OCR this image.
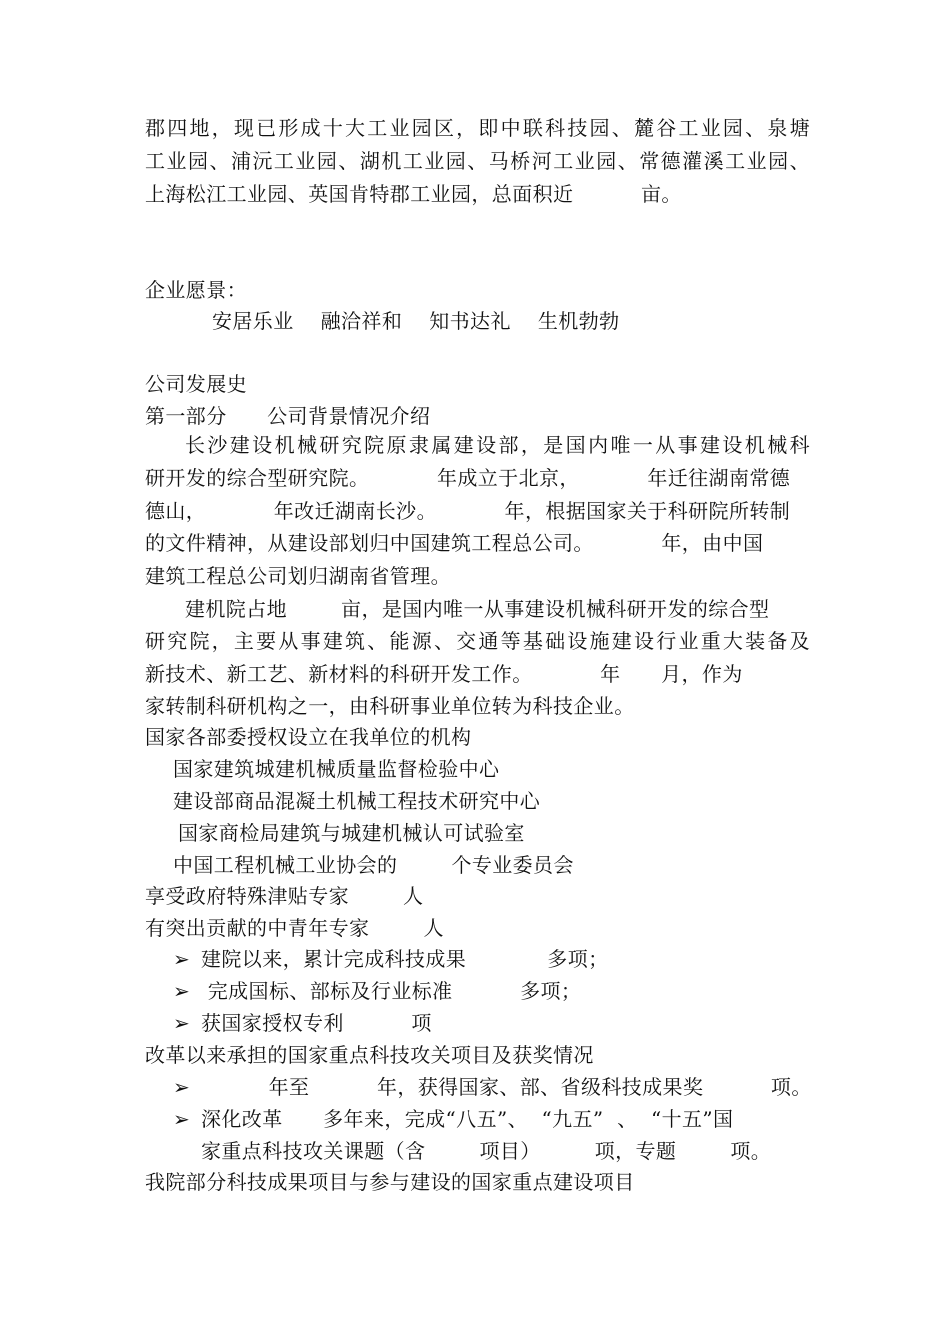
郡四地，现已形成十大工业园区，即中联科技园、麓谷工业园、泉塘
工业园、浦沅工业园、湖机工业园、马桥河工业园、常德灌溪工业园、
上海松江工业园、英国肯特郡工业园，总面积近          亩。
企业愿景：
安居乐业    融洽祥和    知书达礼    生机勃勃
公司发展史
第一部分      公司背景情况介绍
长沙建设机械研究院原隶属建设部，是国内唯一从事建设机械科
研开发的综合型研究院。          年成立于北京，          年迁往湖南常德
德山，          年改迁湖南长沙。          年，根据国家关于科研院所转制
的文件精神，从建设部划归中国建筑工程总公司。          年，由中国
建筑工程总公司划归湖南省管理。
建机院占地        亩，是国内唯一从事建设机械科研开发的综合型
研究院，主要从事建筑、能源、交通等基础设施建设行业重大装备及
新技术、新工艺、新材料的科研开发工作。          年      月，作为
家转制科研机构之一，由科研事业单位转为科技企业。
国家各部委授权设立在我单位的机构
国家建筑城建机械质量监督检验中心
建设部商品混凝土机械工程技术研究中心
国家商检局建筑与城建机械认可试验室
中国工程机械工业协会的        个专业委员会
享受政府特殊津贴专家        人
有突出贡献的中青年专家        人
➢ 建院以来，累计完成科技成果            多项；
➢ 完成国标、部标及行业标准          多项；
➢ 获国家授权专利          项
改革以来承担的国家重点科技攻关项目及获奖情况
➢          年至          年，获得国家、部、省级科技成果奖          项。
➢ 深化改革      多年来，完成“八五”、  “九五”  、  “十五”国
家重点科技攻关课题（含        项目）        项，专题        项。
我院部分科技成果项目与参与建设的国家重点建设项目
